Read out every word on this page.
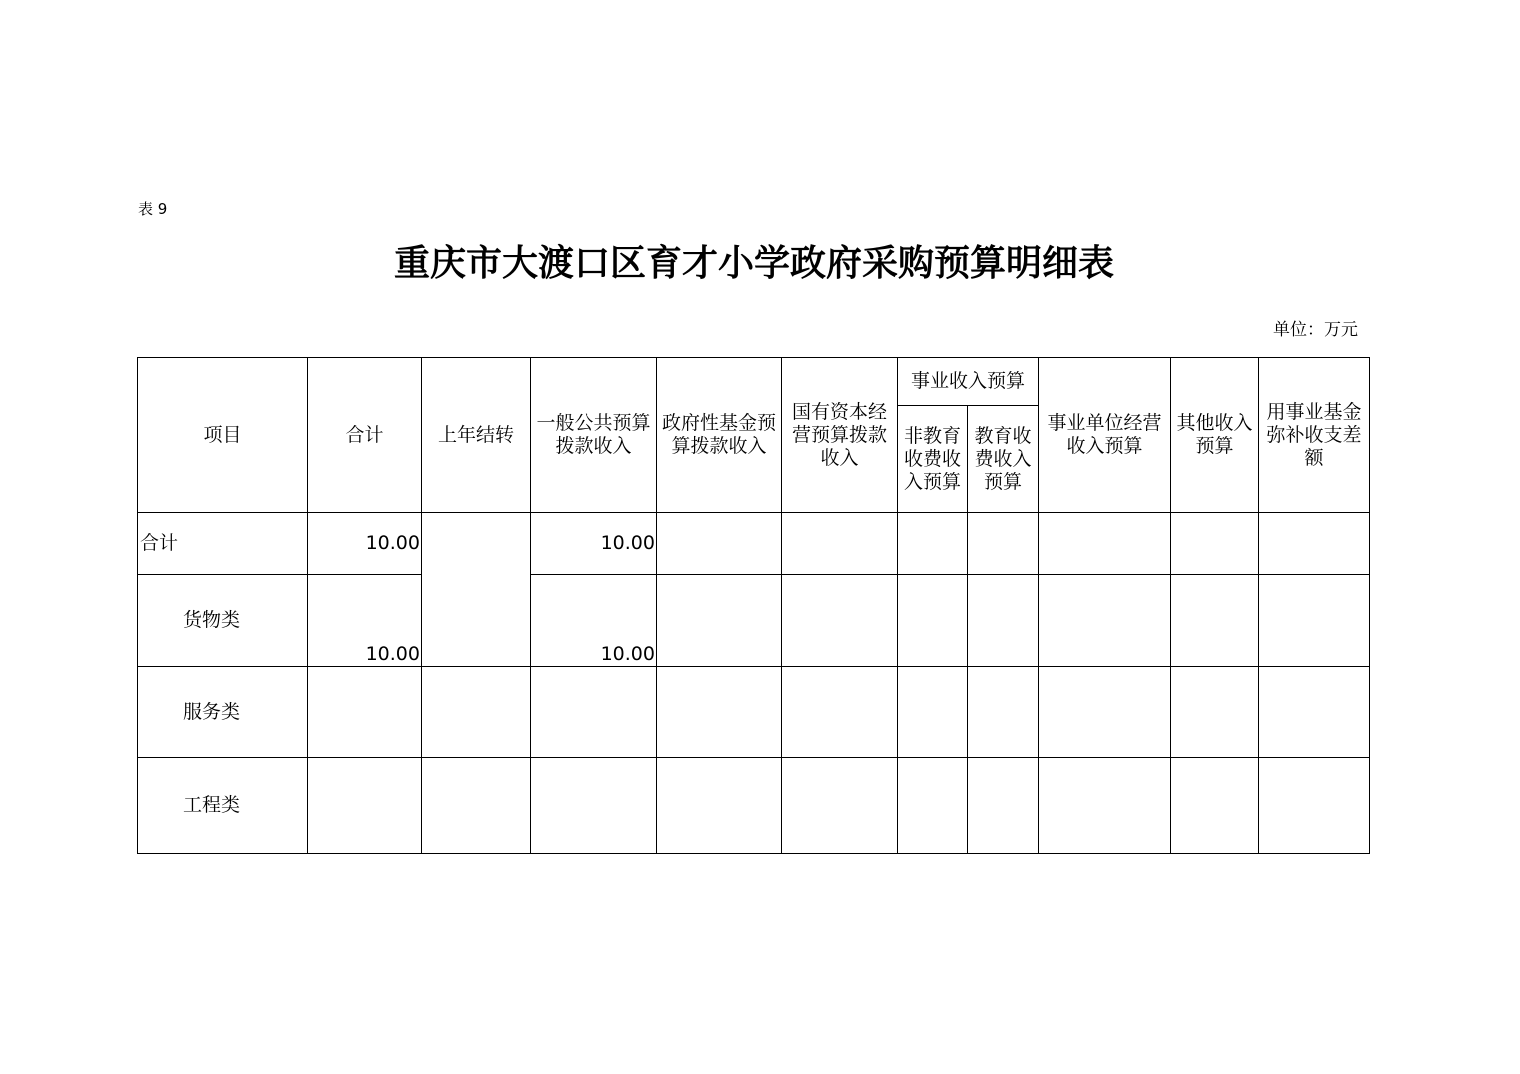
表 9
重庆市大渡口区育才小学政府采购预算明细表
单位：万元
项目	合计	上年结转	一般公共预算拨款收入	政府性基金预算拨款收入	国有资本经营预算拨款收入	事业收入预算		事业单位经营收入预算	其他收入预算	用事业基金弥补收支差额
						非教育收费收入预算	教育收费收入预算			
合计	10.00		10.00							
货物类	10.00		10.00							
服务类										
工程类										
